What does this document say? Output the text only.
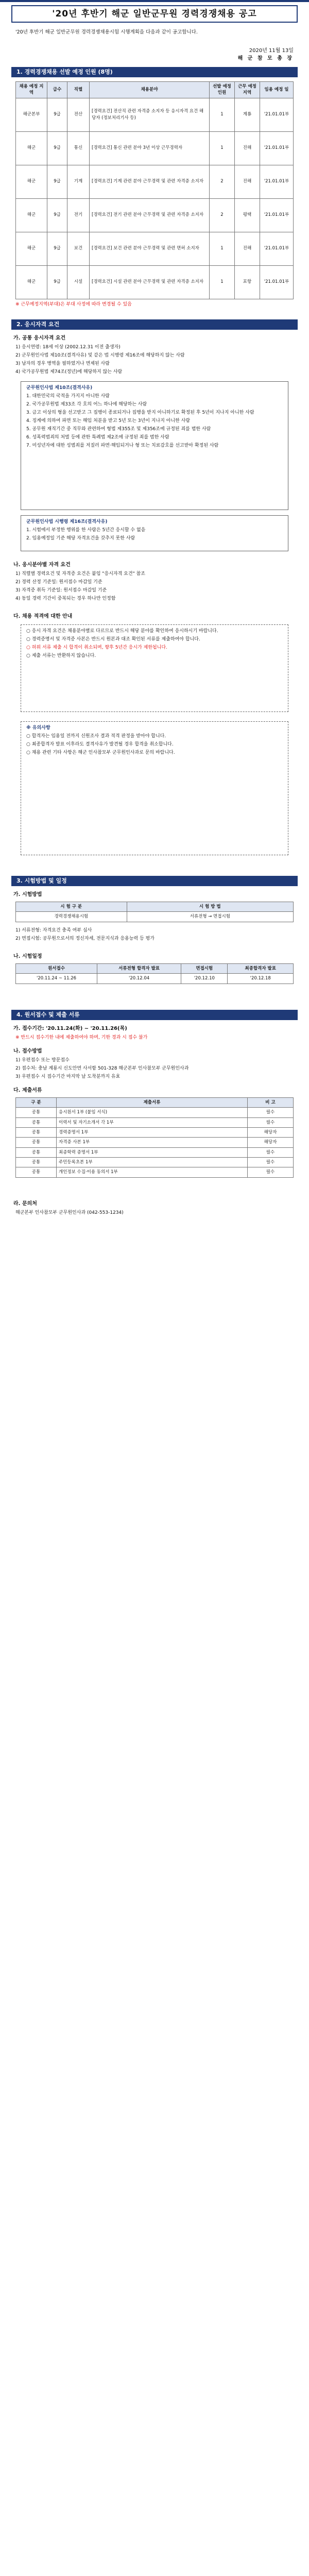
'20년 후반기 해군 일반군무원 경력경쟁채용 공고
'20년 후반기 해군 일반군무원 경력경쟁채용시험 시행계획을 다음과 같이 공고합니다.
2020년 11월 13일
해 군 참 모 총 장
1. 경력경쟁채용 선발 예정 인원 (8명)
채용 예정 지역	급수	직렬	채용분야	선발 예정 인원	근무 예정 지역	임용 예정 일
해군본부	9급	전산	[경력요건] 전산직 관련 자격증 소지자 등 응시자격 요건 해당자 (정보처리기사 등)	1	계룡	'21.01.01부
해군	9급	통신	[경력요건] 통신 관련 분야 3년 이상 근무경력자	1	진해	'21.01.01부
해군	9급	기계	[경력요건] 기계 관련 분야 근무경력 및 관련 자격증 소지자	2	진해	'21.01.01부
해군	9급	전기	[경력요건] 전기 관련 분야 근무경력 및 관련 자격증 소지자	2	평택	'21.01.01부
해군	9급	보건	[경력요건] 보건 관련 분야 근무경력 및 관련 면허 소지자	1	진해	'21.01.01부
해군	9급	시설	[경력요건] 시설 관련 분야 근무경력 및 관련 자격증 소지자	1	포항	'21.01.01부
※ 근무예정지역(부대)은 부대 사정에 따라 변경될 수 있음
2. 응시자격 요건
가. 공통 응시자격 요건

1) 응시연령: 18세 이상 (2002.12.31 이전 출생자)

2) 군무원인사법 제10조(결격사유) 및 같은 법 시행령 제16조에 해당하지 않는 사람

3) 남자의 경우 병역을 필하였거나 면제된 사람

4) 국가공무원법 제74조(정년)에 해당하지 않는 사람

군무원인사법 제10조(결격사유)

1. 대한민국의 국적을 가지지 아니한 사람

2. 국가공무원법 제33조 각 호의 어느 하나에 해당하는 사람

3. 금고 이상의 형을 선고받고 그 집행이 종료되거나 집행을 받지 아니하기로 확정된 후 5년이 지나지 아니한 사람

4. 징계에 의하여 파면 또는 해임 처분을 받고 5년 또는 3년이 지나지 아니한 사람

5. 공무원 재직기간 중 직무와 관련하여 형법 제355조 및 제356조에 규정된 죄를 범한 사람

6. 성폭력범죄의 처벌 등에 관한 특례법 제2조에 규정된 죄를 범한 사람

7. 미성년자에 대한 성범죄를 저질러 파면·해임되거나 형 또는 치료감호를 선고받아 확정된 사람

군무원인사법 시행령 제16조(결격사유)

1. 시험에서 부정한 행위를 한 사람은 5년간 응시할 수 없음

2. 임용예정일 기준 해당 자격요건을 갖추지 못한 사람

나. 응시분야별 자격 요건

1) 직렬별 경력요건 및 자격증 요건은 붙임 "응시자격 요건" 참조

2) 경력 산정 기준일: 원서접수 마감일 기준

3) 자격증 취득 기준일: 원서접수 마감일 기준

4) 동일 경력 기간이 중복되는 경우 하나만 인정함

다. 채용 적격에 대한 안내

○ 응시 자격 요건은 채용분야별로 다르므로 반드시 해당 분야를 확인하여 응시하시기 바랍니다.

○ 경력증명서 및 자격증 사본은 반드시 원본과 대조 확인된 서류를 제출하여야 합니다.

○ 허위 서류 제출 시 합격이 취소되며, 향후 5년간 응시가 제한됩니다.

○ 제출 서류는 반환하지 않습니다.

※ 유의사항

○ 합격자는 임용일 전까지 신원조사 결과 적격 판정을 받아야 합니다.

○ 최종합격자 발표 이후라도 결격사유가 발견될 경우 합격을 취소합니다.

○ 채용 관련 기타 사항은 해군 인사참모부 군무원인사과로 문의 바랍니다.

3. 시험방법 및 일정
가. 시험방법
시 험 구 분	시 험 방 법
경력경쟁채용시험	서류전형 → 면접시험

1) 서류전형: 자격요건 충족 여부 심사

2) 면접시험: 공무원으로서의 정신자세, 전문지식과 응용능력 등 평가

나. 시험일정
원서접수	서류전형 합격자 발표	면접시험	최종합격자 발표
'20.11.24 ~ 11.26	'20.12.04	'20.12.10	'20.12.18
4. 원서접수 및 제출 서류
가. 접수기간: '20.11.24(화) ~ '20.11.26(목)
※ 반드시 접수기한 내에 제출하여야 하며, 기한 경과 시 접수 불가
나. 접수방법

1) 우편접수 또는 방문접수

2) 접수처: 충남 계룡시 신도안면 사서함 501-328 해군본부 인사참모부 군무원인사과

3) 우편접수 시 접수기간 마지막 날 도착분까지 유효

다. 제출서류
구 분	제출서류	비 고
공통	응시원서 1부 (붙임 서식)	필수
공통	이력서 및 자기소개서 각 1부	필수
공통	경력증명서 1부	해당자
공통	자격증 사본 1부	해당자
공통	최종학력 증명서 1부	필수
공통	주민등록초본 1부	필수
공통	개인정보 수집·이용 동의서 1부	필수
라. 문의처

해군본부 인사참모부 군무원인사과 (042-553-1234)
